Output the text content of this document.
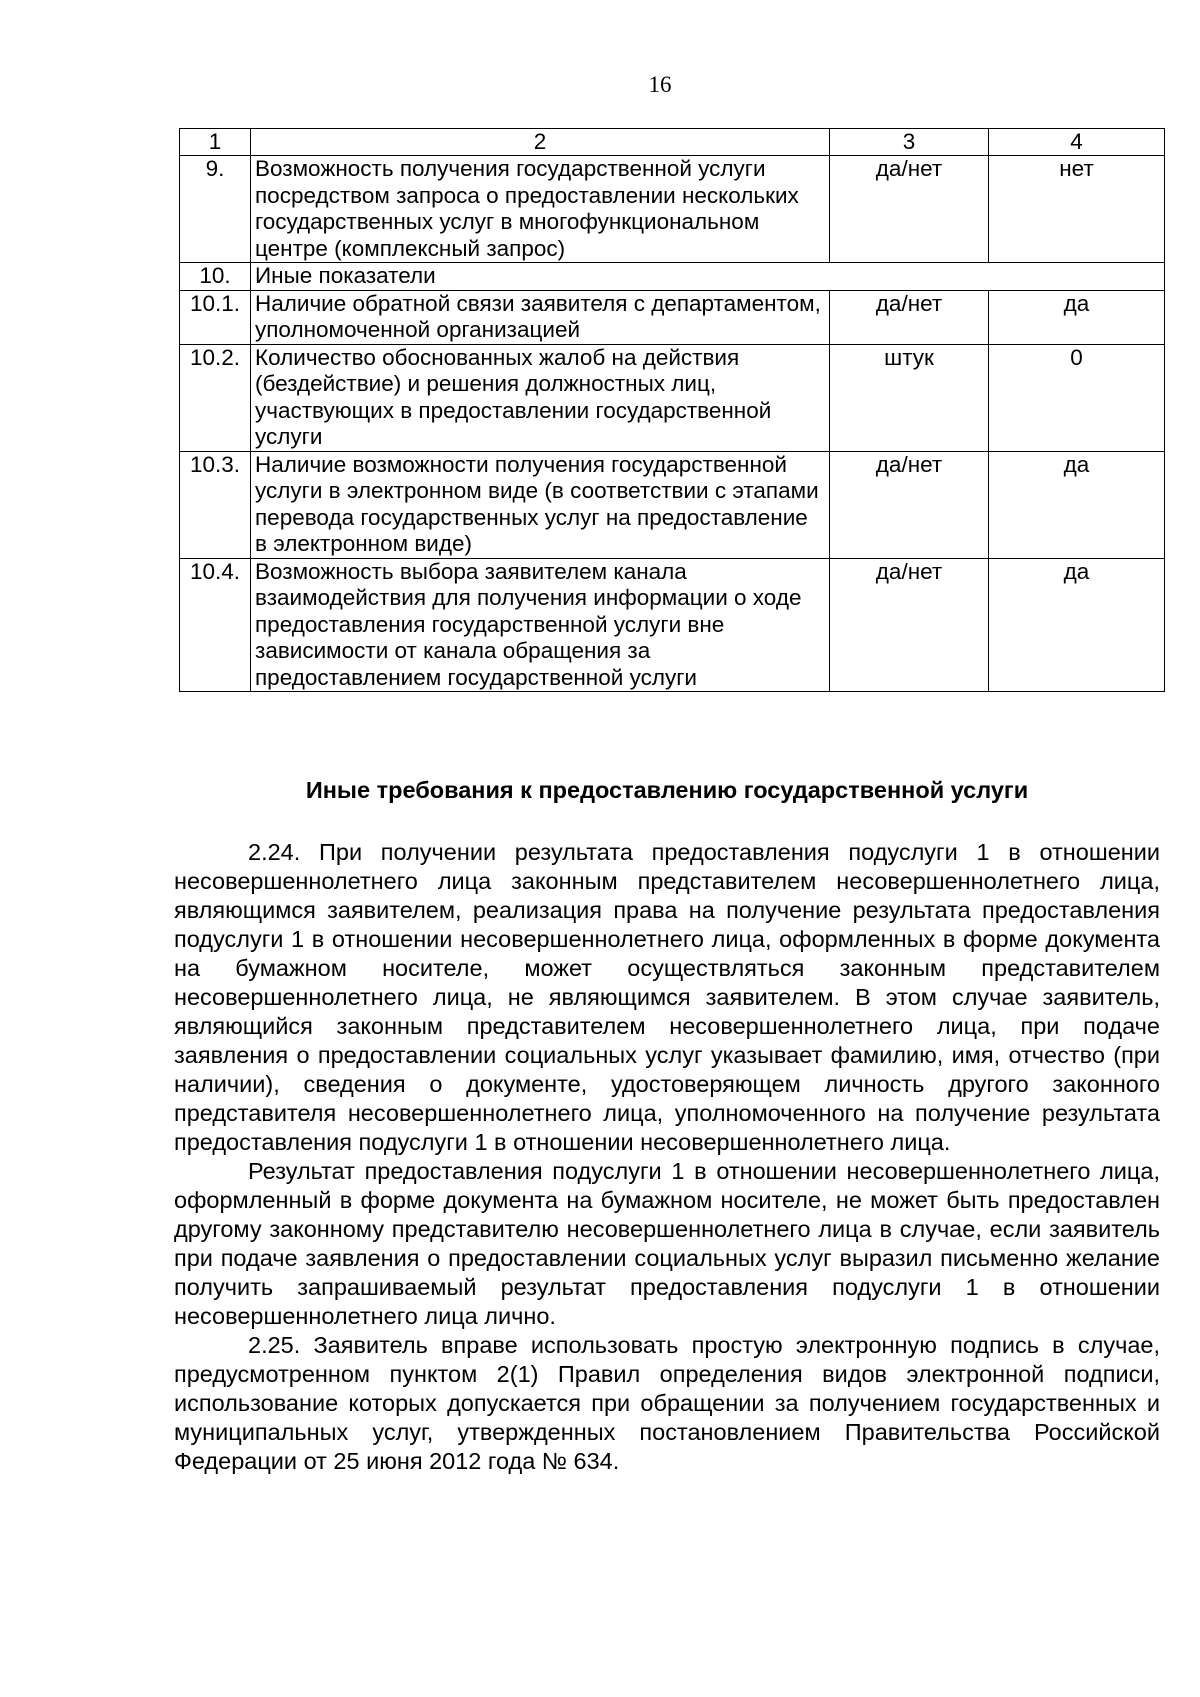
16
1	2	3	4
9.	Возможность получения государственной услуги посредством запроса о предоставлении нескольких государственных услуг в многофункциональном центре (комплексный запрос)	да/нет	нет
10.	Иные показатели		
10.1.	Наличие обратной связи заявителя с департаментом, уполномоченной организацией	да/нет	да
10.2.	Количество обоснованных жалоб на действия (бездействие) и решения должностных лиц, участвующих в предоставлении государственной услуги	штук	0
10.3.	Наличие возможности получения государственной услуги в электронном виде (в соответствии с этапами перевода государственных услуг на предоставление в электронном виде)	да/нет	да
10.4.	Возможность выбора заявителем канала взаимодействия для получения информации о ходе предоставления государственной услуги вне зависимости от канала обращения за предоставлением государственной услуги	да/нет	да
Иные требования к предоставлению государственной услуги

2.24. При получении результата предоставления подуслуги 1 в отношении несовершеннолетнего лица законным представителем несовершеннолетнего лица, являющимся заявителем, реализация права на получение результата предоставления подуслуги 1 в отношении несовершеннолетнего лица, оформленных в форме документа на бумажном носителе, может осуществляться законным представителем несовершеннолетнего лица, не являющимся заявителем. В этом случае заявитель, являющийся законным представителем несовершеннолетнего лица, при подаче заявления о предоставлении социальных услуг указывает фамилию, имя, отчество (при наличии), сведения о документе, удостоверяющем личность другого законного представителя несовершеннолетнего лица, уполномоченного на получение результата предоставления подуслуги 1 в отношении несовершеннолетнего лица.

Результат предоставления подуслуги 1 в отношении несовершеннолетнего лица, оформленный в форме документа на бумажном носителе, не может быть предоставлен другому законному представителю несовершеннолетнего лица в случае, если заявитель при подаче заявления о предоставлении социальных услуг выразил письменно желание получить запрашиваемый результат предоставления подуслуги 1 в отношении несовершеннолетнего лица лично.

2.25. Заявитель вправе использовать простую электронную подпись в случае, предусмотренном пунктом 2(1) Правил определения видов электронной подписи, использование которых допускается при обращении за получением государственных и муниципальных услуг, утвержденных постановлением Правительства Российской Федерации от 25 июня 2012 года № 634.
